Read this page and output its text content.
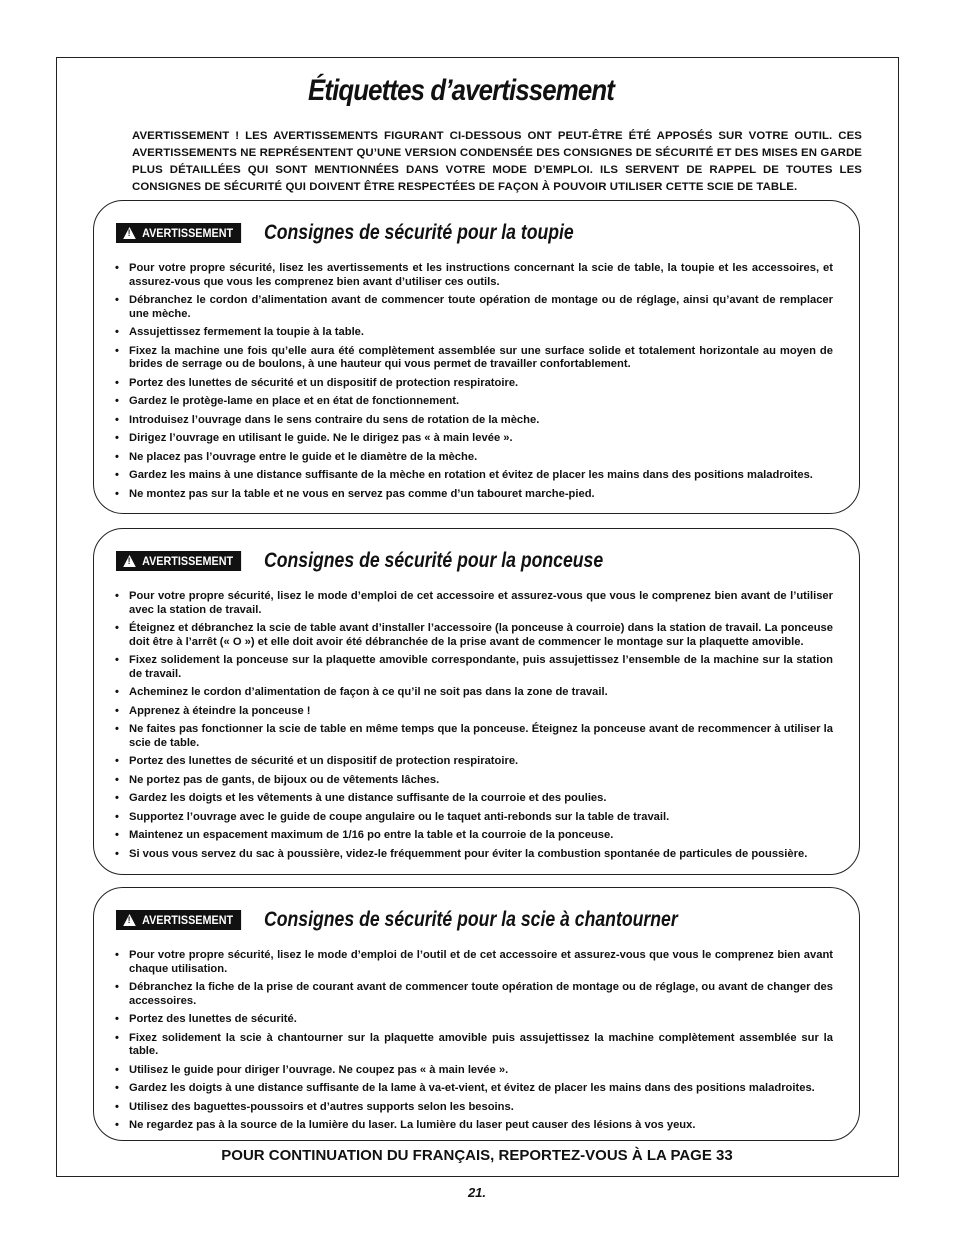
Étiquettes d’avertissement

AVERTISSEMENT ! LES AVERTISSEMENTS FIGURANT CI-DESSOUS ONT PEUT-ÊTRE ÉTÉ APPOSÉS SUR VOTRE OUTIL. CES AVERTISSEMENTS NE REPRÉSENTENT QU’UNE VERSION CONDENSÉE DES CONSIGNES DE SÉCURITÉ ET DES MISES EN GARDE PLUS DÉTAILLÉES QUI SONT MENTIONNÉES DANS VOTRE MODE D’EMPLOI. ILS SERVENT DE RAPPEL DE TOUTES LES CONSIGNES DE SÉCURITÉ QUI DOIVENT ÊTRE RESPECTÉES DE FAÇON À POUVOIR UTILISER CETTE SCIE DE TABLE.

!AVERTISSEMENT Consignes de sécurité pour la toupie
• Pour votre propre sécurité, lisez les avertissements et les instructions concernant la scie de table, la toupie et les accessoires, et assurez-vous que vous les comprenez bien avant d’utiliser ces outils.
• Débranchez le cordon d’alimentation avant de commencer toute opération de montage ou de réglage, ainsi qu’avant de remplacer une mèche.
• Assujettissez fermement la toupie à la table.
• Fixez la machine une fois qu’elle aura été complètement assemblée sur une surface solide et totalement horizontale au moyen de brides de serrage ou de boulons, à une hauteur qui vous permet de travailler confortablement.
• Portez des lunettes de sécurité et un dispositif de protection respiratoire.
• Gardez le protège-lame en place et en état de fonctionnement.
• Introduisez l’ouvrage dans le sens contraire du sens de rotation de la mèche.
• Dirigez l’ouvrage en utilisant le guide. Ne le dirigez pas « à main levée ».
• Ne placez pas l’ouvrage entre le guide et le diamètre de la mèche.
• Gardez les mains à une distance suffisante de la mèche en rotation et évitez de placer les mains dans des positions maladroites.
• Ne montez pas sur la table et ne vous en servez pas comme d’un tabouret marche-pied.
!AVERTISSEMENT Consignes de sécurité pour la ponceuse
• Pour votre propre sécurité, lisez le mode d’emploi de cet accessoire et assurez-vous que vous le comprenez bien avant de l’utiliser avec la station de travail.
• Éteignez et débranchez la scie de table avant d’installer l’accessoire (la ponceuse à courroie) dans la station de travail. La ponceuse doit être à l’arrêt (« O ») et elle doit avoir été débranchée de la prise avant de commencer le montage sur la plaquette amovible.
• Fixez solidement la ponceuse sur la plaquette amovible correspondante, puis assujettissez l’ensemble de la machine sur la station de travail.
• Acheminez le cordon d’alimentation de façon à ce qu’il ne soit pas dans la zone de travail.
• Apprenez à éteindre la ponceuse !
• Ne faites pas fonctionner la scie de table en même temps que la ponceuse. Éteignez la ponceuse avant de recommencer à utiliser la scie de table.
• Portez des lunettes de sécurité et un dispositif de protection respiratoire.
• Ne portez pas de gants, de bijoux ou de vêtements lâches.
• Gardez les doigts et les vêtements à une distance suffisante de la courroie et des poulies.
• Supportez l’ouvrage avec le guide de coupe angulaire ou le taquet anti-rebonds sur la table de travail.
• Maintenez un espacement maximum de 1/16 po entre la table et la courroie de la ponceuse.
• Si vous vous servez du sac à poussière, videz-le fréquemment pour éviter la combustion spontanée de particules de poussière.
!AVERTISSEMENT Consignes de sécurité pour la scie à chantourner
• Pour votre propre sécurité, lisez le mode d’emploi de l’outil et de cet accessoire et assurez-vous que vous le comprenez bien avant chaque utilisation.
• Débranchez la fiche de la prise de courant avant de commencer toute opération de montage ou de réglage, ou avant de changer des accessoires.
• Portez des lunettes de sécurité.
• Fixez solidement la scie à chantourner sur la plaquette amovible puis assujettissez la machine complètement assemblée sur la table.
• Utilisez le guide pour diriger l’ouvrage. Ne coupez pas « à main levée ».
• Gardez les doigts à une distance suffisante de la lame à va-et-vient, et évitez de placer les mains dans des positions maladroites.
• Utilisez des baguettes-poussoirs et d’autres supports selon les besoins.
• Ne regardez pas à la source de la lumière du laser. La lumière du laser peut causer des lésions à vos yeux.

POUR CONTINUATION DU FRANÇAIS, REPORTEZ-VOUS À LA PAGE 33

21.
